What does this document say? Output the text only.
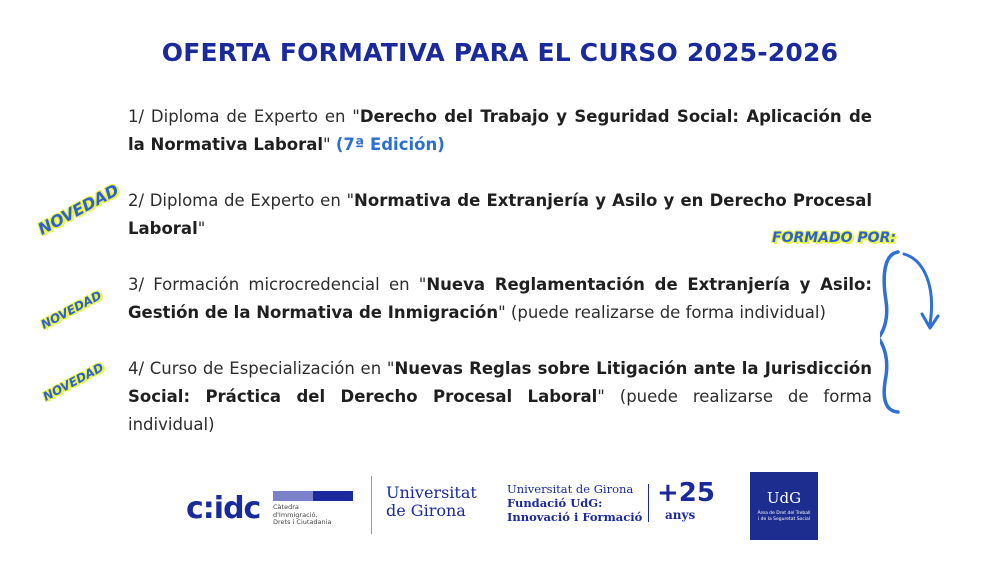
OFERTA FORMATIVA PARA EL CURSO 2025-2026

1/ Diploma de Experto en "Derecho del Trabajo y Seguridad Social: Aplicación de la Normativa Laboral" (7ª Edición)

2/ Diploma de Experto en "Normativa de Extranjería y Asilo y en Derecho Procesal Laboral"

3/ Formación microcredencial en "Nueva Reglamentación de Extranjería y Asilo: Gestión de la Normativa de Inmigración" (puede realizarse de forma individual)

4/ Curso de Especialización en "Nuevas Reglas sobre Litigación ante la Jurisdicción Social: Práctica del Derecho Procesal Laboral" (puede realizarse de forma individual)

NOVEDAD
NOVEDAD
NOVEDAD
FORMADO POR:
c:idc Càtedra
d'Immigració,
Drets i Ciutadania
Universitat
de Girona
Universitat de Girona
Fundació UdG:
Innovació i Formació
+25
anys
UdG
Àrea de Dret del Treball
i de la Seguretat Social
